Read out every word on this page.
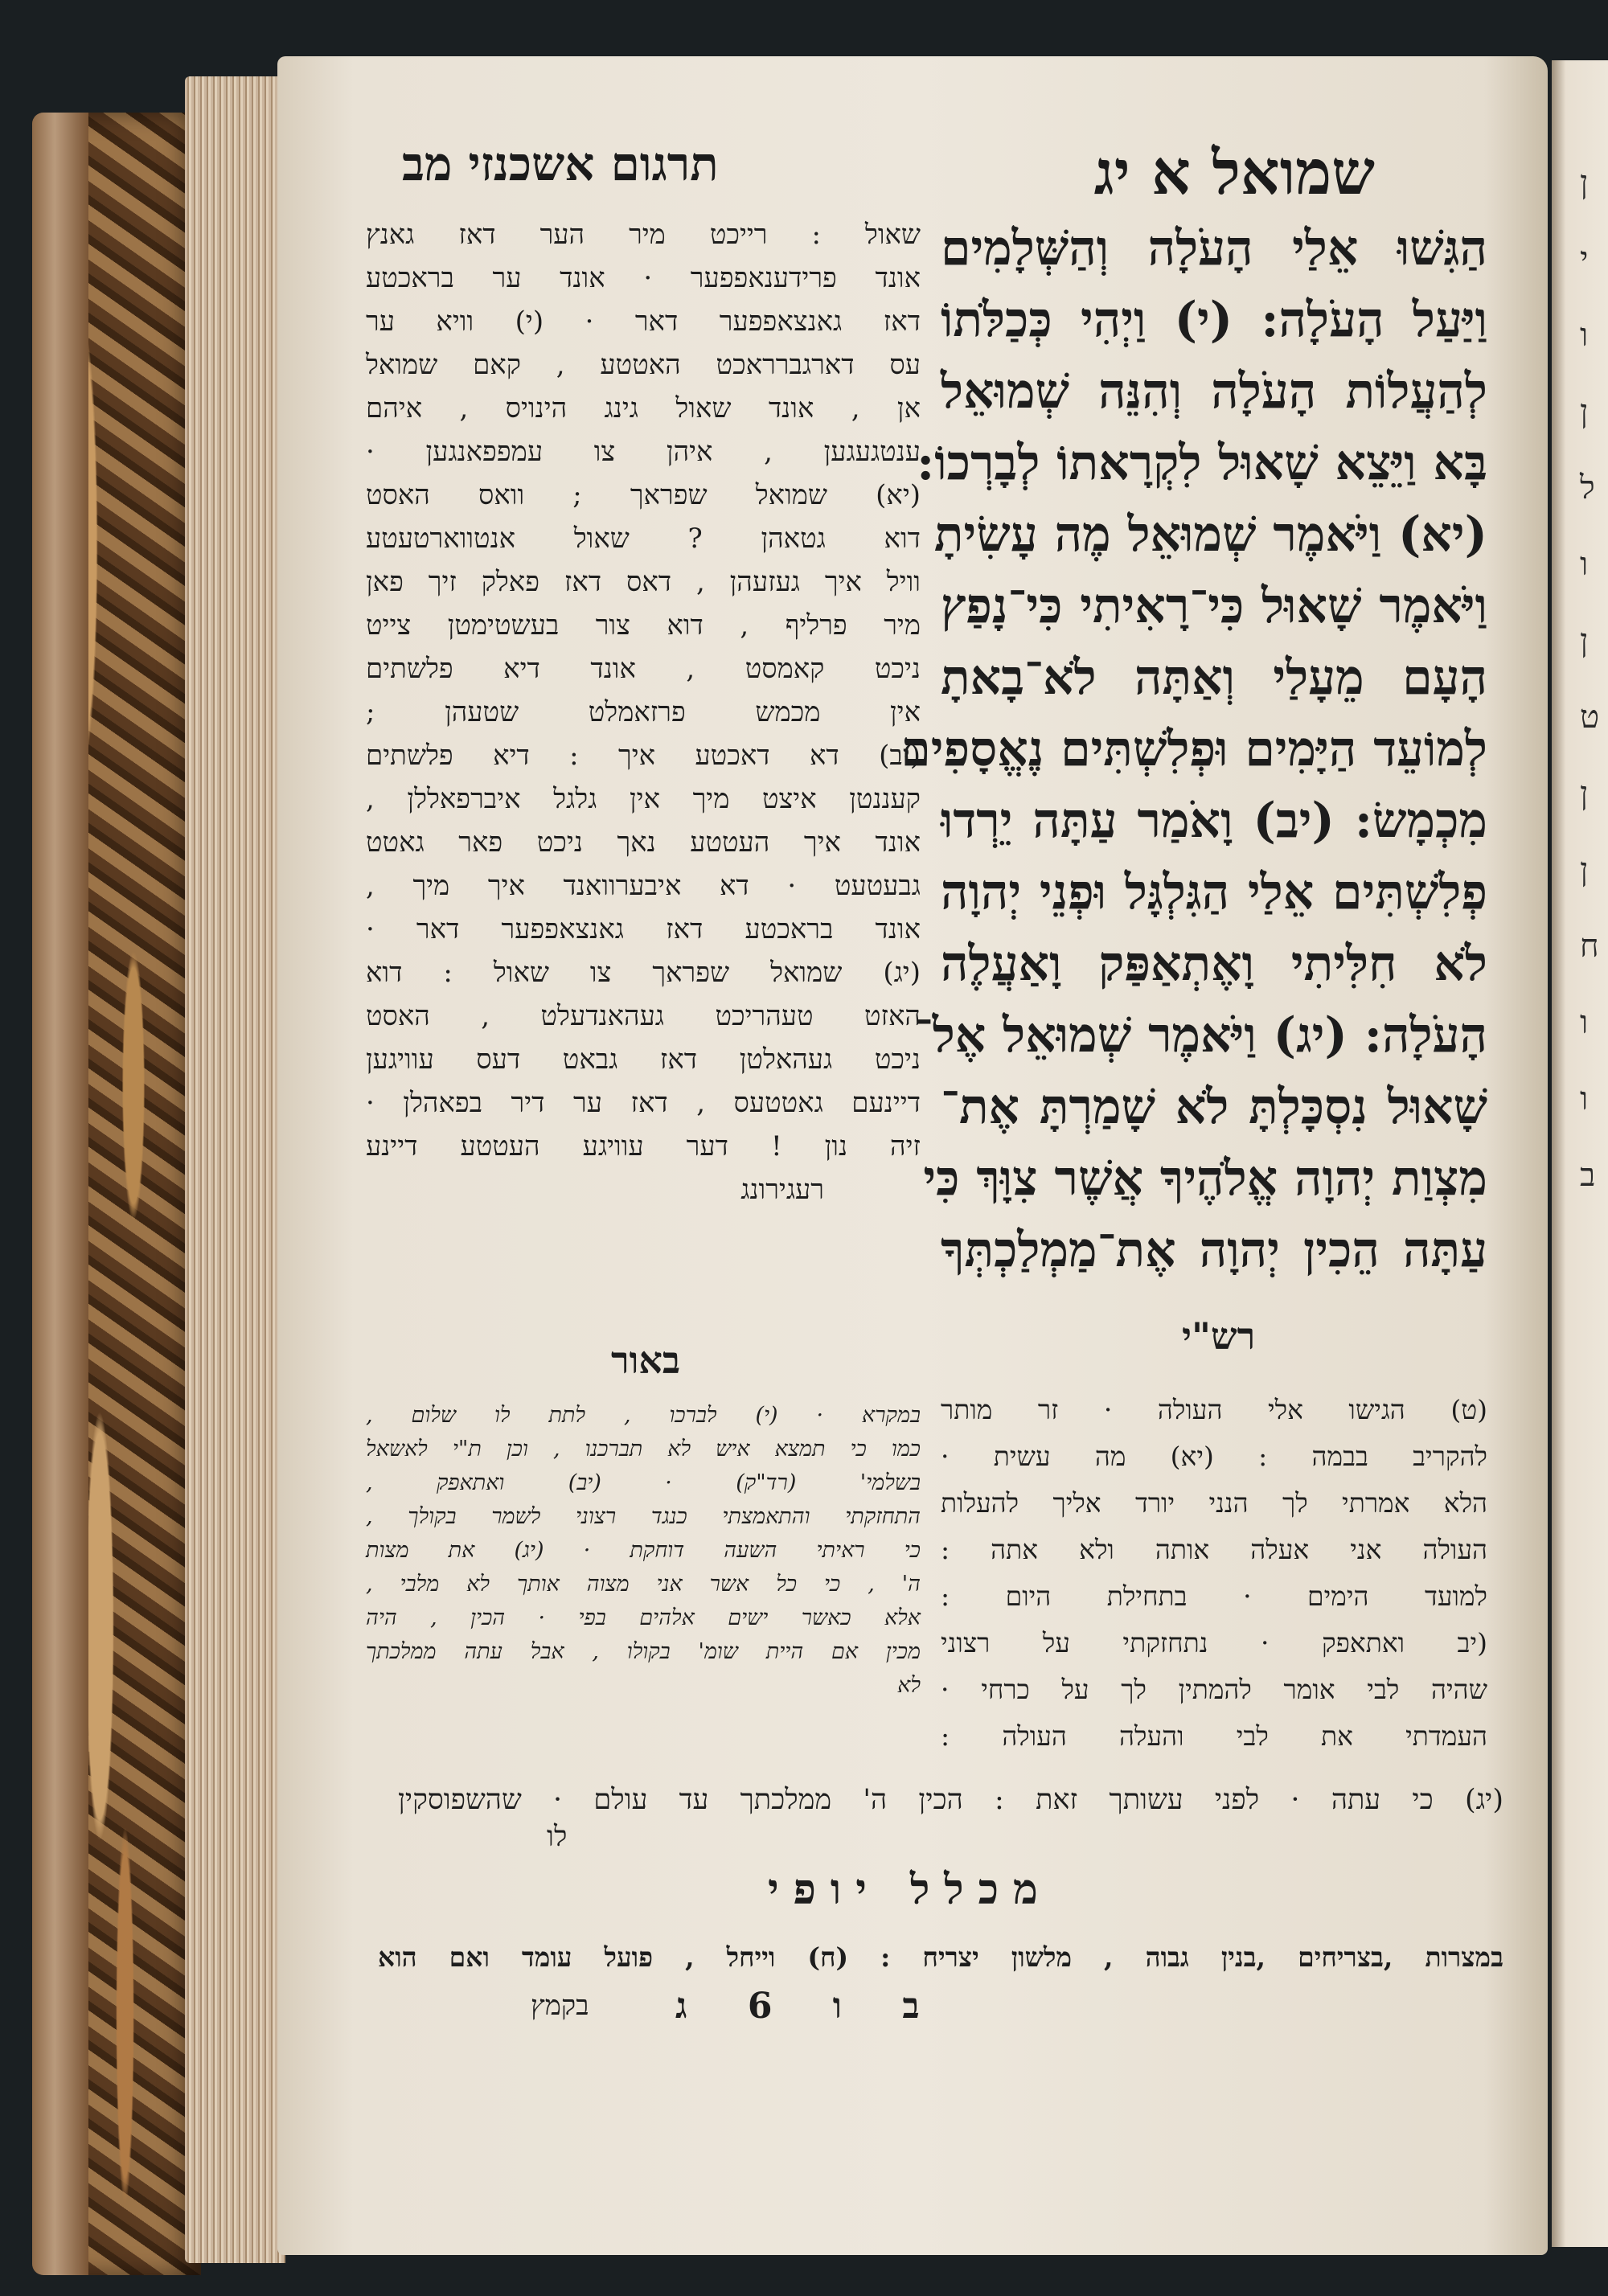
ן
י
ו
ן
ל
ו
ן
ט
ן
ן
ח
ו
ו
ב
שמואל א יג
תרגום אשכנזי מב
הַגִּשׁוּ אֵלַי הָעֹלָה וְהַשְּׁלָמִים
וַיַּעַל הָעֹלָה: (י) וַיְהִי כְּכַלֹּתוֹ
לְהַעֲלוֹת הָעֹלָה וְהִנֵּה שְׁמוּאֵל
בָּא וַיֵּצֵא שָׁאוּל לִקְרָאתוֹ לְבָרְכוֹ:
(יא) וַיֹּאמֶר שְׁמוּאֵל מֶה עָשִׂיתָ
וַיֹּאמֶר שָׁאוּל כִּי־רָאִיתִי כִּי־נָפַץ
הָעָם מֵעָלַי וְאַתָּה לֹא־בָאתָ
לְמוֹעֵד הַיָּמִים וּפְלִשְׁתִּים נֶאֱסָפִים
מִכְמָשׂ: (יב) וָאֹמַר עַתָּה יֵרְדוּ
פְלִשְׁתִּים אֵלַי הַגִּלְגָּל וּפְנֵי יְהוָה
לֹא חִלִּיתִי וָאֶתְאַפַּק וָאַעֲלֶה
הָעֹלָה: (יג) וַיֹּאמֶר שְׁמוּאֵל אֶל־
שָׁאוּל נִסְכָּלְתָּ לֹא שָׁמַרְתָּ אֶת־
מִצְוַת יְהוָה אֱלֹהֶיךָ אֲשֶׁר צִוָּךְ כִּי
עַתָּה הֵכִין יְהוָה אֶת־מַמְלַכְתְּךָ
שאול : רייכט מיר הער דאז גאנץ
אונד פרידענאפפער · אונד ער בראכטע
דאז גאנצאפפער דאר · (י) וויא ער
עס דארגברראכט האטטע , קאם שמואל
אן , אונד שאול גינג הינויס , איהם
ענטגעגען , איהן צו עמפפאנגען ·
(יא) שמואל שפראך ; וואס האסט
דוא גטאהן ? שאול אנטווארטעטע
וויל איך געזעהן , דאס דאז פאלק זיך פאן
מיר פרליף , דוא צור בעשטימטן צייט
ניכט קאמסט , אונד דיא פלשתים
אין מכמש פרזאמלט שטעהן ;
(יב) דא דאכטע איך : דיא פלשתים
קעננטן איצט מיך אין גלגל איברפאללן ,
אונד איך העטטע נאך ניכט פאר גאטט
גבעטעט · דא איבערוואנד איך מיך ,
אונד בראכטע דאז גאנצאפפער דאר ·
(יג) שמואל שפראך צו שאול : דוא
האזט טעהריכט געהאנדעלט , האסט
ניכט געהאלטן דאז גבאט דעס עוויגען
דיינעם גאטטעס , דאז ער דיר בפאהלן ·
זיה נון ! דער עוויגע העטטע דיינע
רעגירונג
רש"י
באור
(ט) הגישו אלי העולה · זר מותר
להקריב בבמה : (יא) מה עשית ·
הלא אמרתי לך הנני יורד אליך להעלות
העולה אני אעלה אותה ולא אתה :
למועד הימים · בתחילת היום :
(יב ואתאפק · נתחזקתי על רצוני
שהיה לבי אומר להמתין לך על כרחי ·
העמדתי את לבי והעלה העולה :
במקרא · (י) לברכו , לתת לו שלום ,
כמו כי תמצא איש לא תברכנו , וכן ת"י לאשאל
בשלמי' (רד"ק) · (יב) ואתאפק ,
התחזקתי והתאמצתי כנגד רצוני לשמר בקולך ,
כי ראיתי השעה דוחקת · (יג) את מצות
ה' , כי כל אשר אני מצוה אותך לא מלבי ,
אלא כאשר ישים אלהים בפי · הכין , היה
מכין אם היית שומ' בקולו , אבל עתה ממלכתך
לא
(יג) כי עתה · לפני עשותך זאת : הכין ה' ממלכתך עד עולם · שהשפוסקין
לו
מכלל יופי
במצרות ,בצריחים ,בנין גבוה , מלשון יצריח : (ח) וייחל , פועל עומד ואם הוא
ב ו 6 ג
בקמץ
